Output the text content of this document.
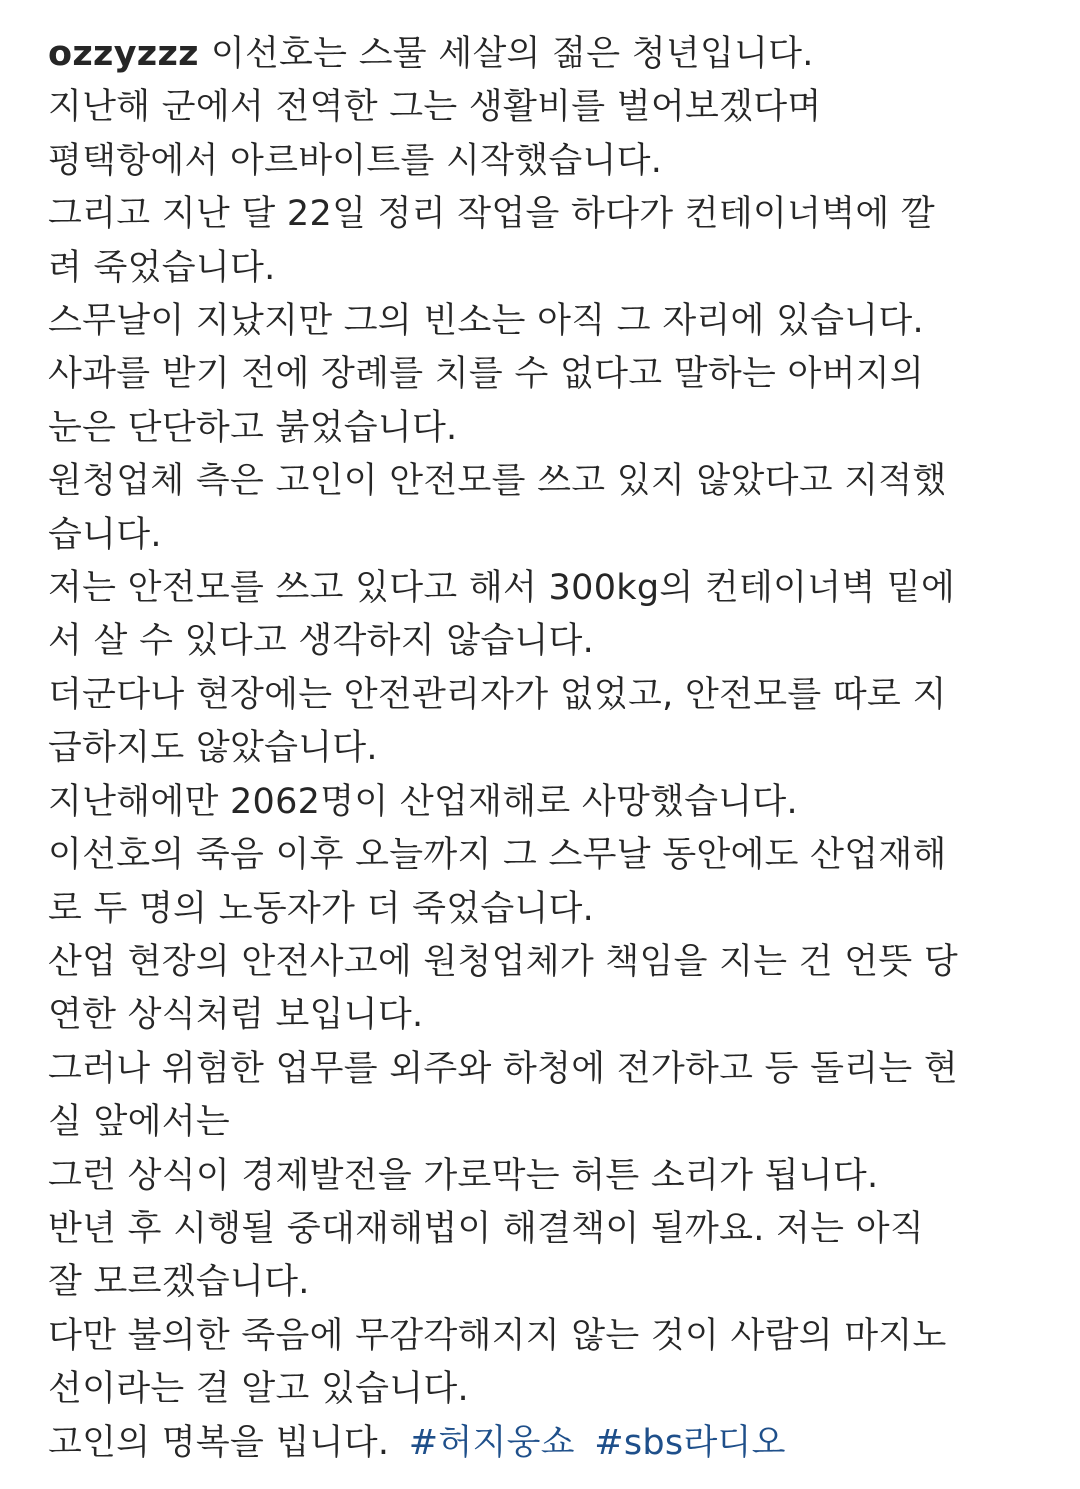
ozzyzzz 이선호는 스물 세살의 젊은 청년입니다.
지난해 군에서 전역한 그는 생활비를 벌어보겠다며
평택항에서 아르바이트를 시작했습니다.
그리고 지난 달 22일 정리 작업을 하다가 컨테이너벽에 깔
려 죽었습니다.
스무날이 지났지만 그의 빈소는 아직 그 자리에 있습니다.
사과를 받기 전에 장례를 치를 수 없다고 말하는 아버지의
눈은 단단하고 붉었습니다.
원청업체 측은 고인이 안전모를 쓰고 있지 않았다고 지적했
습니다.
저는 안전모를 쓰고 있다고 해서 300kg의 컨테이너벽 밑에
서 살 수 있다고 생각하지 않습니다.
더군다나 현장에는 안전관리자가 없었고, 안전모를 따로 지
급하지도 않았습니다.
지난해에만 2062명이 산업재해로 사망했습니다.
이선호의 죽음 이후 오늘까지 그 스무날 동안에도 산업재해
로 두 명의 노동자가 더 죽었습니다.
산업 현장의 안전사고에 원청업체가 책임을 지는 건 언뜻 당
연한 상식처럼 보입니다.
그러나 위험한 업무를 외주와 하청에 전가하고 등 돌리는 현
실 앞에서는
그런 상식이 경제발전을 가로막는 허튼 소리가 됩니다.
반년 후 시행될 중대재해법이 해결책이 될까요. 저는 아직
잘 모르겠습니다.
다만 불의한 죽음에 무감각해지지 않는 것이 사람의 마지노
선이라는 걸 알고 있습니다.
고인의 명복을 빕니다. #허지웅쇼 #sbs라디오
